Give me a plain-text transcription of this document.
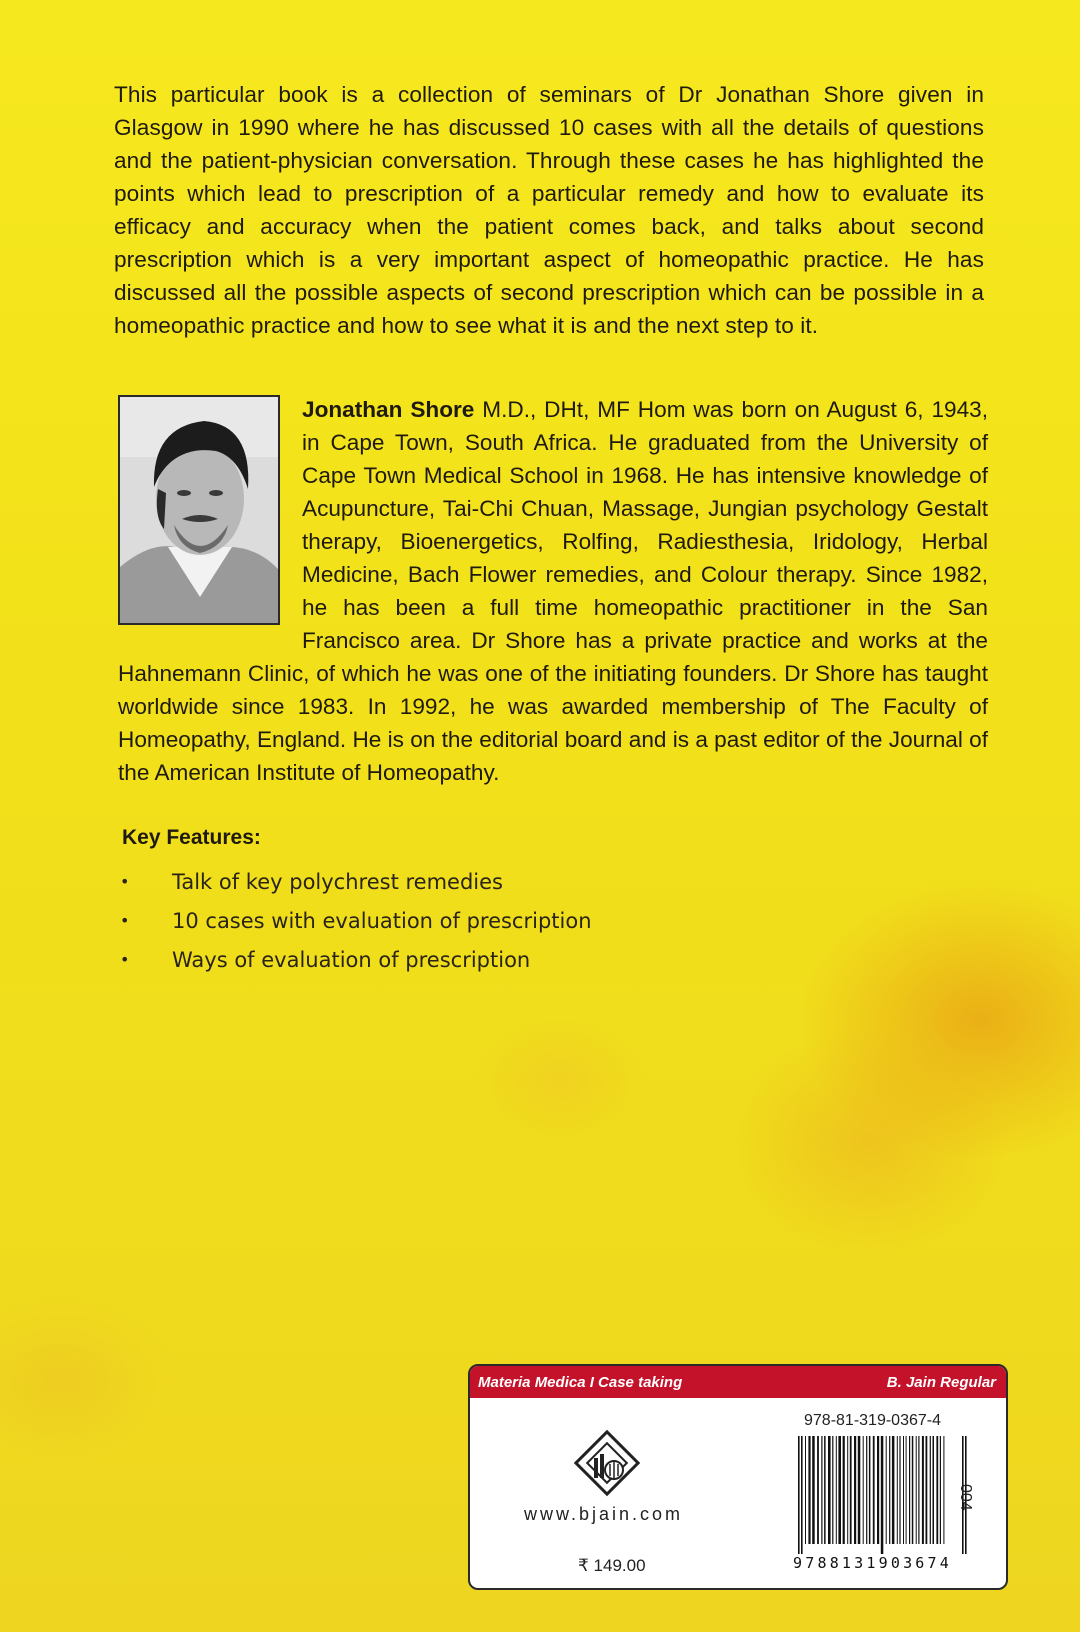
This particular book is a collection of seminars of Dr Jonathan Shore given in Glasgow in 1990 where he has discussed 10 cases with all the details of questions and the patient-physician conversation. Through these cases he has highlighted the points which lead to prescription of a particular remedy and how to evaluate its efficacy and accuracy when the patient comes back, and talks about second prescription which is a very important aspect of homeopathic practice. He has discussed all the possible aspects of second prescription which can be possible in a homeopathic practice and how to see what it is and the next step to it.

Jonathan Shore M.D., DHt, MF Hom was born on August 6, 1943, in Cape Town, South Africa. He graduated from the University of Cape Town Medical School in 1968. He has intensive knowledge of Acupuncture, Tai-Chi Chuan, Massage, Jungian psychology Gestalt therapy, Bioenergetics, Rolfing, Radiesthesia, Iridology, Herbal Medicine, Bach Flower remedies, and Colour therapy. Since 1982, he has been a full time homeopathic practitioner in the San Francisco area. Dr Shore has a private practice and works at the Hahnemann Clinic, of which he was one of the initiating founders. Dr Shore has taught worldwide since 1983. In 1992, he was awarded membership of The Faculty of Homeopathy, England. He is on the editorial board and is a past editor of the Journal of the American Institute of Homeopathy.
Key Features:
•	Talk of key polychrest remedies
•	10 cases with evaluation of prescription
•	Ways of evaluation of prescription
Materia Medica I Case taking	B. Jain Regular
978-81-319-0367-4
www.bjain.com
₹ 149.00	9788131903674
004
